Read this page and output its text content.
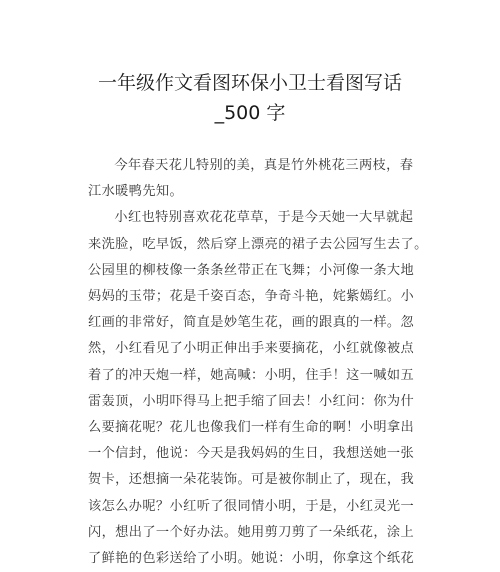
一年级作文看图环保小卫士看图写话
_500 字
今年春天花儿特别的美，真是竹外桃花三两枝，春
江水暖鸭先知。
小红也特别喜欢花花草草，于是今天她一大早就起
来洗脸，吃早饭，然后穿上漂亮的裙子去公园写生去了。
公园里的柳枝像一条条丝带正在飞舞；小河像一条大地
妈妈的玉带；花是千姿百态，争奇斗艳，姹紫嫣红。小
红画的非常好，简直是妙笔生花，画的跟真的一样。忽
然，小红看见了小明正伸出手来要摘花，小红就像被点
着了的冲天炮一样，她高喊：小明，住手！这一喊如五
雷轰顶，小明吓得马上把手缩了回去！小红问：你为什
么要摘花呢？花儿也像我们一样有生命的啊！小明拿出
一个信封，他说：今天是我妈妈的生日，我想送她一张
贺卡，还想摘一朵花装饰。可是被你制止了，现在，我
该怎么办呢？小红听了很同情小明，于是，小红灵光一
闪，想出了一个好办法。她用剪刀剪了一朵纸花，涂上
了鲜艳的色彩送给了小明。她说：小明，你拿这个纸花
